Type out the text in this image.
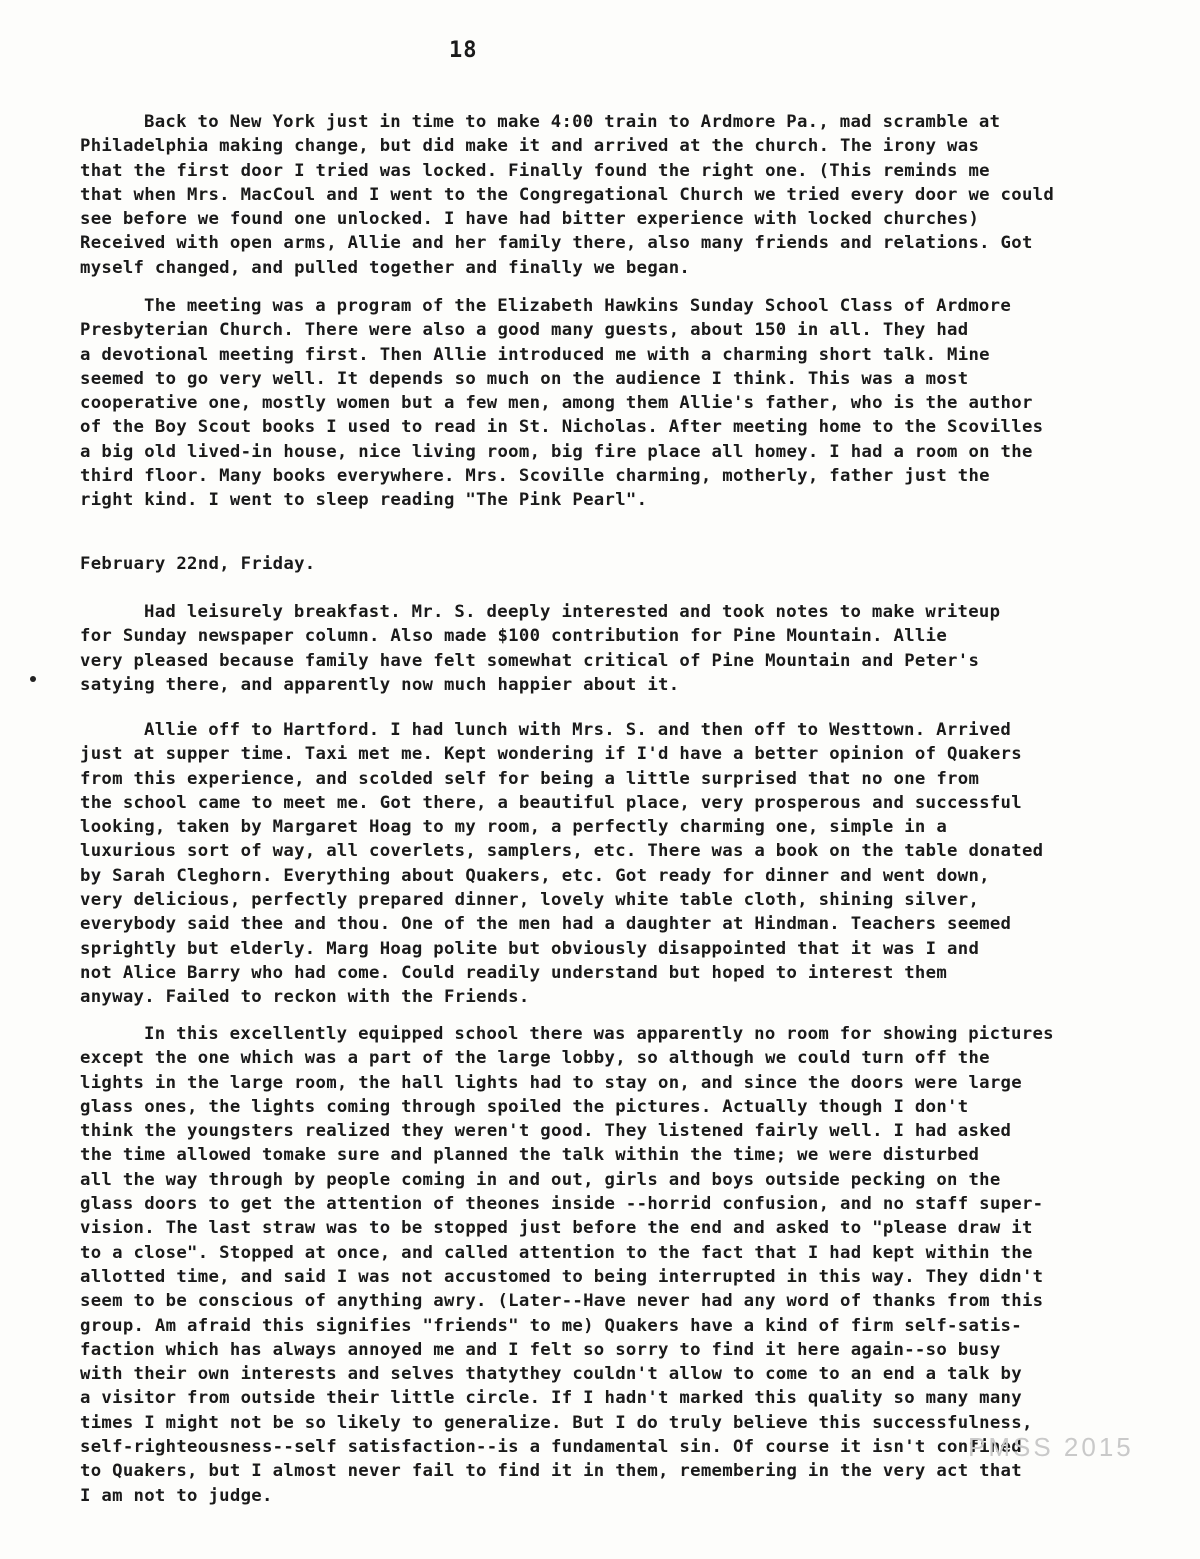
18

Back to New York just in time to make 4:00 train to Ardmore Pa., mad scramble at
Philadelphia making change, but did make it and arrived at the church. The irony was
that the first door I tried was locked. Finally found the right one. (This reminds me
that when Mrs. MacCoul and I went to the Congregational Church we tried every door we could
see before we found one unlocked. I have had bitter experience with locked churches)
Received with open arms, Allie and her family there, also many friends and relations. Got
myself changed, and pulled together and finally we began.

The meeting was a program of the Elizabeth Hawkins Sunday School Class of Ardmore
Presbyterian Church. There were also a good many guests, about 150 in all. They had
a devotional meeting first. Then Allie introduced me with a charming short talk. Mine
seemed to go very well. It depends so much on the audience I think. This was a most
cooperative one, mostly women but a few men, among them Allie's father, who is the author
of the Boy Scout books I used to read in St. Nicholas. After meeting home to the Scovilles
a big old lived-in house, nice living room, big fire place all homey. I had a room on the
third floor. Many books everywhere. Mrs. Scoville charming, motherly, father just the
right kind. I went to sleep reading "The Pink Pearl".

February 22nd, Friday.

Had leisurely breakfast. Mr. S. deeply interested and took notes to make writeup
for Sunday newspaper column. Also made $100 contribution for Pine Mountain. Allie
very pleased because family have felt somewhat critical of Pine Mountain and Peter's
satying there, and apparently now much happier about it.

Allie off to Hartford. I had lunch with Mrs. S. and then off to Westtown. Arrived
just at supper time. Taxi met me. Kept wondering if I'd have a better opinion of Quakers
from this experience, and scolded self for being a little surprised that no one from
the school came to meet me. Got there, a beautiful place, very prosperous and successful
looking, taken by Margaret Hoag to my room, a perfectly charming one, simple in a
luxurious sort of way, all coverlets, samplers, etc. There was a book on the table donated
by Sarah Cleghorn. Everything about Quakers, etc. Got ready for dinner and went down,
very delicious, perfectly prepared dinner, lovely white table cloth, shining silver,
everybody said thee and thou. One of the men had a daughter at Hindman. Teachers seemed
sprightly but elderly. Marg Hoag polite but obviously disappointed that it was I and
not Alice Barry who had come. Could readily understand but hoped to interest them
anyway. Failed to reckon with the Friends.

In this excellently equipped school there was apparently no room for showing pictures
except the one which was a part of the large lobby, so although we could turn off the
lights in the large room, the hall lights had to stay on, and since the doors were large
glass ones, the lights coming through spoiled the pictures. Actually though I don't
think the youngsters realized they weren't good. They listened fairly well. I had asked
the time allowed tomake sure and planned the talk within the time; we were disturbed
all the way through by people coming in and out, girls and boys outside pecking on the
glass doors to get the attention of theones inside --horrid confusion, and no staff super-
vision. The last straw was to be stopped just before the end and asked to "please draw it
to a close". Stopped at once, and called attention to the fact that I had kept within the
allotted time, and said I was not accustomed to being interrupted in this way. They didn't
seem to be conscious of anything awry. (Later--Have never had any word of thanks from this
group. Am afraid this signifies "friends" to me) Quakers have a kind of firm self-satis-
faction which has always annoyed me and I felt so sorry to find it here again--so busy
with their own interests and selves thatythey couldn't allow to come to an end a talk by
a visitor from outside their little circle. If I hadn't marked this quality so many many
times I might not be so likely to generalize. But I do truly believe this successfulness,
self-righteousness--self satisfaction--is a fundamental sin. Of course it isn't confined
to Quakers, but I almost never fail to find it in them, remembering in the very act that
I am not to judge.

PMSS 2015
